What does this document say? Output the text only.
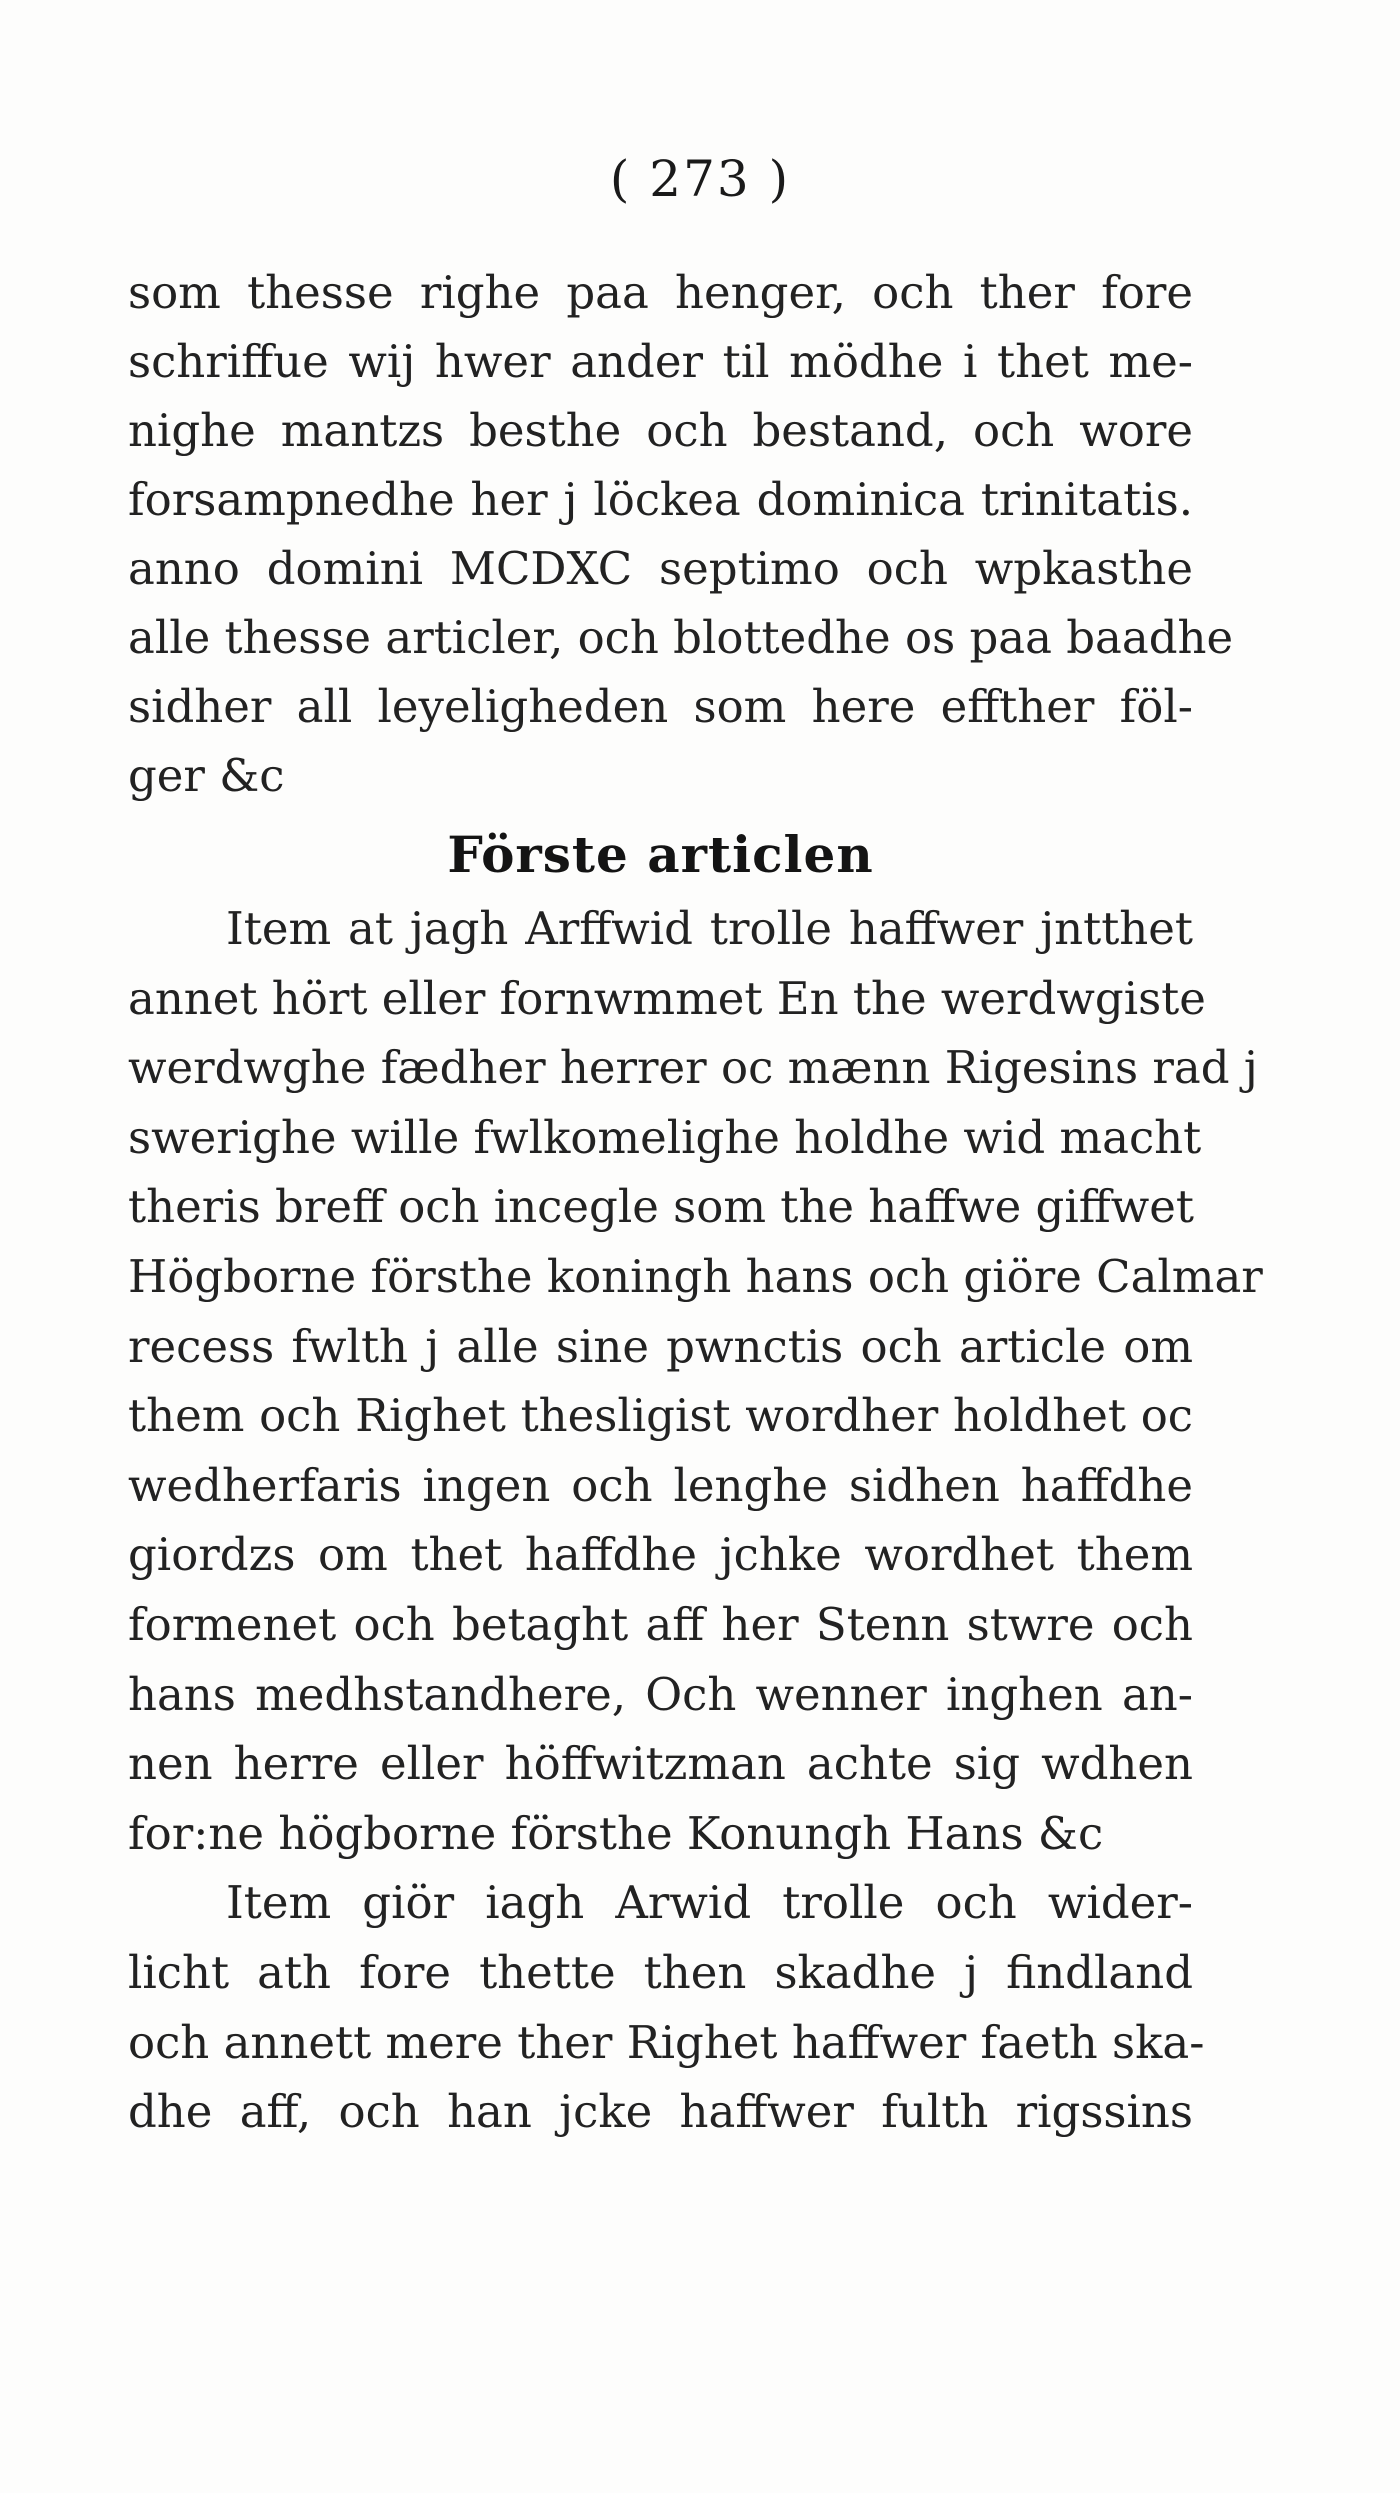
( 273 )
som thesse righe paa henger, och ther fore
schriffue wij hwer ander til mödhe i thet me-
nighe mantzs besthe och bestand, och wore
forsampnedhe her j löckea dominica trinitatis.
anno domini MCDXC septimo och wpkasthe
alle thesse articler, och blottedhe os paa baadhe
sidher all leyeligheden som here effther föl-
ger &c
Förste articlen
Item at jagh Arffwid trolle haffwer jntthet
annet hört eller fornwmmet En the werdwgiste
werdwghe fædher herrer oc mænn Rigesins rad j
swerighe wille fwlkomelighe holdhe wid macht
theris breff och incegle som the haffwe giffwet
Högborne försthe koningh hans och giöre Calmar
recess fwlth j alle sine pwnctis och article om
them och Righet thesligist wordher holdhet oc
wedherfaris ingen och lenghe sidhen haffdhe
giordzs om thet haffdhe jchke wordhet them
formenet och betaght aff her Stenn stwre och
hans medhstandhere, Och wenner inghen an-
nen herre eller höffwitzman achte sig wdhen
for:ne högborne försthe Konungh Hans &c
Item giör iagh Arwid trolle och wider-
licht ath fore thette then skadhe j findland
och annett mere ther Righet haffwer faeth ska-
dhe aff, och han jcke haffwer fulth rigssins
